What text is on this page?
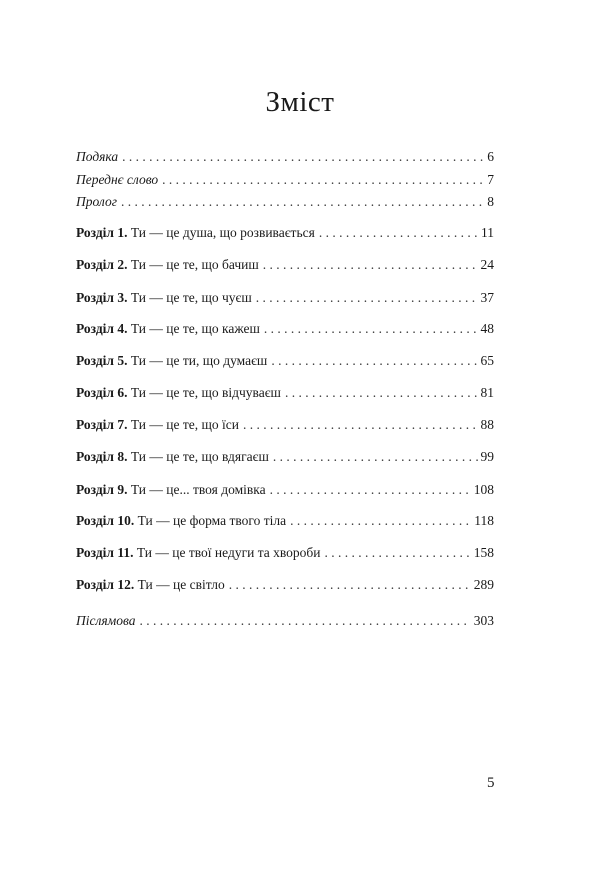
Зміст
Подяка . . .	6
Переднє слово . . .	7
Пролог . . .	8
Розділ 1. Ти — це душа, що розвивається . . .	11
Розділ 2. Ти — це те, що бачиш . . .	24
Розділ 3. Ти — це те, що чуєш . . .	37
Розділ 4. Ти — це те, що кажеш . . .	48
Розділ 5. Ти — це ти, що думаєш . . .	65
Розділ 6. Ти — це те, що відчуваєш . . .	81
Розділ 7. Ти — це те, що їси . . .	88
Розділ 8. Ти — це те, що вдягаєш . . .	99
Розділ 9. Ти — це... твоя домівка . . .	108
Розділ 10. Ти — це форма твого тіла . . .	118
Розділ 11. Ти — це твої недуги та хвороби . . .	158
Розділ 12. Ти — це світло . . .	289
Післямова . . .	303
5
